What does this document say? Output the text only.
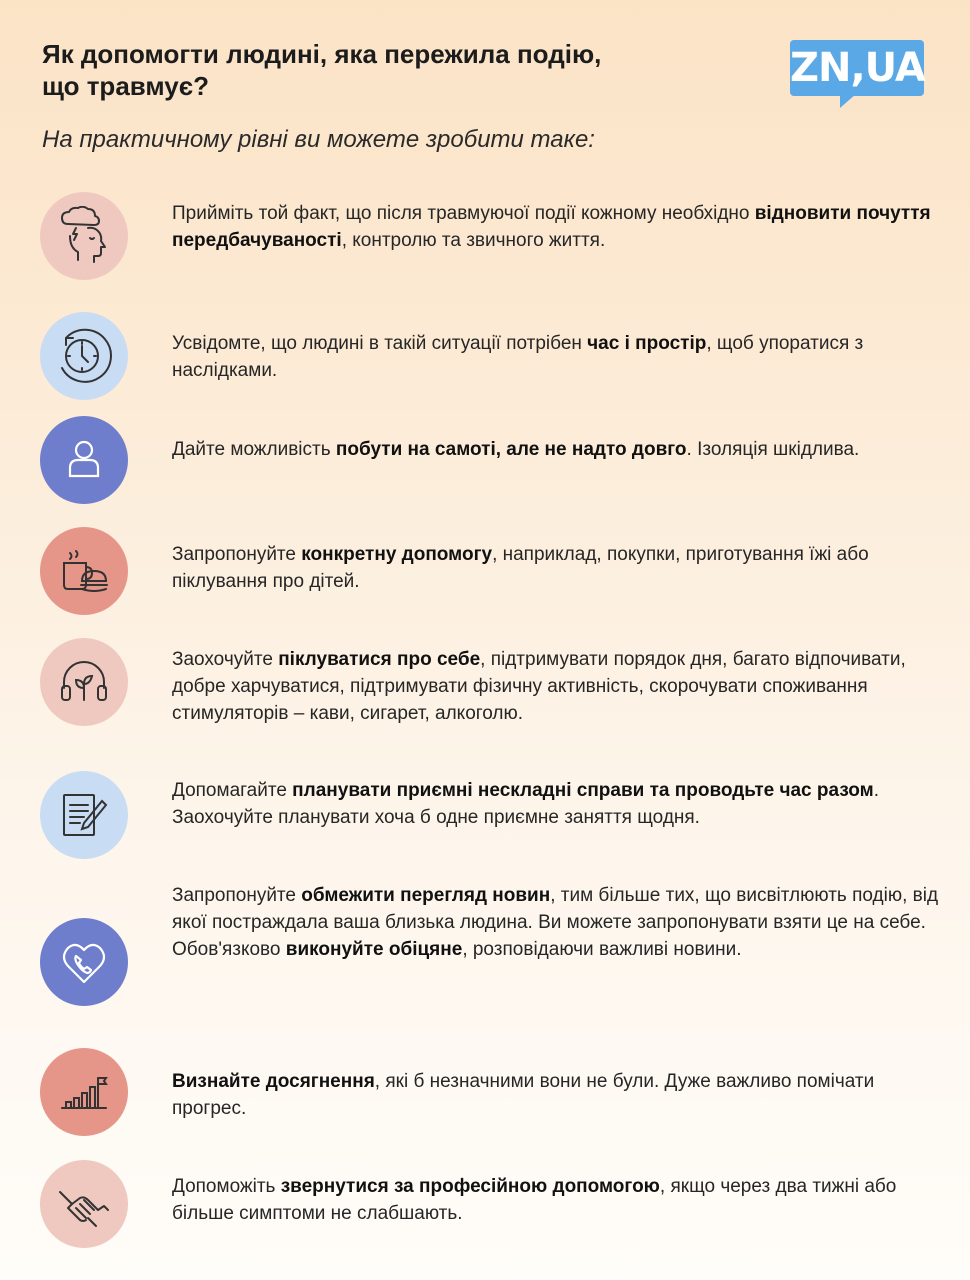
Як допомогти людині, яка пережила подію,
що травмує?	ZN,UA
На практичному рівні ви можете зробити таке:
Прийміть той факт, що після травмуючої події кожному необхідно відновити почуття передбачуваності, контролю та звичного життя.
Усвідомте, що людині в такій ситуації потрібен час і простір, щоб упоратися з наслідками.
Дайте можливість побути на самоті, але не надто довго. Ізоляція шкідлива.
Запропонуйте конкретну допомогу, наприклад, покупки, приготування їжі або піклування про дітей.
Заохочуйте піклуватися про себе, підтримувати порядок дня, багато відпочивати, добре харчуватися, підтримувати фізичну активність, скорочувати споживання стимуляторів – кави, сигарет, алкоголю.
Допомагайте планувати приємні нескладні справи та проводьте час разом. Заохочуйте планувати хоча б одне приємне заняття щодня.
Запропонуйте обмежити перегляд новин, тим більше тих, що висвітлюють подію, від якої постраждала ваша близька людина. Ви можете запропонувати взяти це на себе. Обов'язково виконуйте обіцяне, розповідаючи важливі новини.
Визнайте досягнення, які б незначними вони не були. Дуже важливо помічати прогрес.
Допоможіть звернутися за професійною допомогою, якщо через два тижні або більше симптоми не слабшають.
